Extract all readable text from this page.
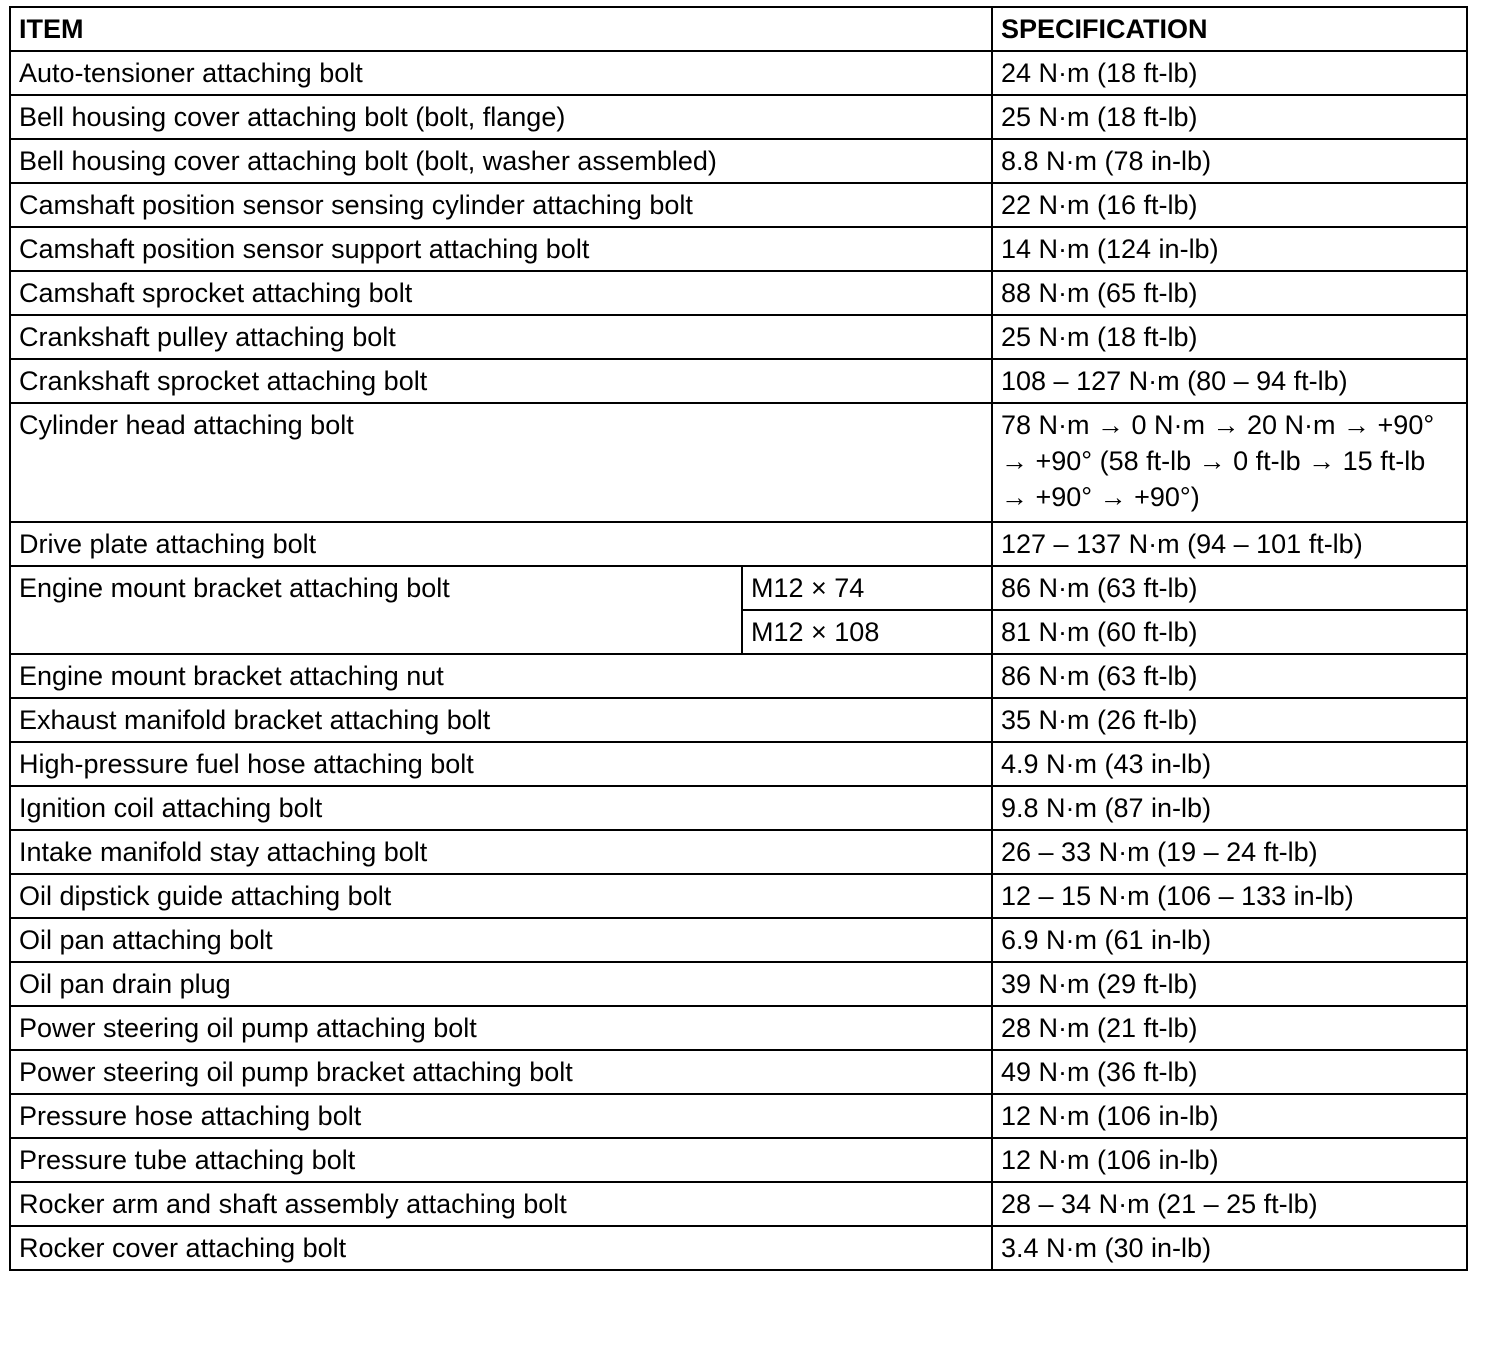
ITEM		SPECIFICATION
Auto-tensioner attaching bolt		24 N·m (18 ft-lb)
Bell housing cover attaching bolt (bolt, flange)		25 N·m (18 ft-lb)
Bell housing cover attaching bolt (bolt, washer assembled)		8.8 N·m (78 in-lb)
Camshaft position sensor sensing cylinder attaching bolt		22 N·m (16 ft-lb)
Camshaft position sensor support attaching bolt		14 N·m (124 in-lb)
Camshaft sprocket attaching bolt		88 N·m (65 ft-lb)
Crankshaft pulley attaching bolt		25 N·m (18 ft-lb)
Crankshaft sprocket attaching bolt		108 – 127 N·m (80 – 94 ft-lb)
Cylinder head attaching bolt		78 N·m → 0 N·m → 20 N·m → +90° → +90° (58 ft-lb → 0 ft-lb → 15 ft-lb → +90° → +90°)
Drive plate attaching bolt		127 – 137 N·m (94 – 101 ft-lb)
Engine mount bracket attaching bolt	M12 × 74	86 N·m (63 ft-lb)
	M12 × 108	81 N·m (60 ft-lb)
Engine mount bracket attaching nut		86 N·m (63 ft-lb)
Exhaust manifold bracket attaching bolt		35 N·m (26 ft-lb)
High-pressure fuel hose attaching bolt		4.9 N·m (43 in-lb)
Ignition coil attaching bolt		9.8 N·m (87 in-lb)
Intake manifold stay attaching bolt		26 – 33 N·m (19 – 24 ft-lb)
Oil dipstick guide attaching bolt		12 – 15 N·m (106 – 133 in-lb)
Oil pan attaching bolt		6.9 N·m (61 in-lb)
Oil pan drain plug		39 N·m (29 ft-lb)
Power steering oil pump attaching bolt		28 N·m (21 ft-lb)
Power steering oil pump bracket attaching bolt		49 N·m (36 ft-lb)
Pressure hose attaching bolt		12 N·m (106 in-lb)
Pressure tube attaching bolt		12 N·m (106 in-lb)
Rocker arm and shaft assembly attaching bolt		28 – 34 N·m (21 – 25 ft-lb)
Rocker cover attaching bolt		3.4 N·m (30 in-lb)
